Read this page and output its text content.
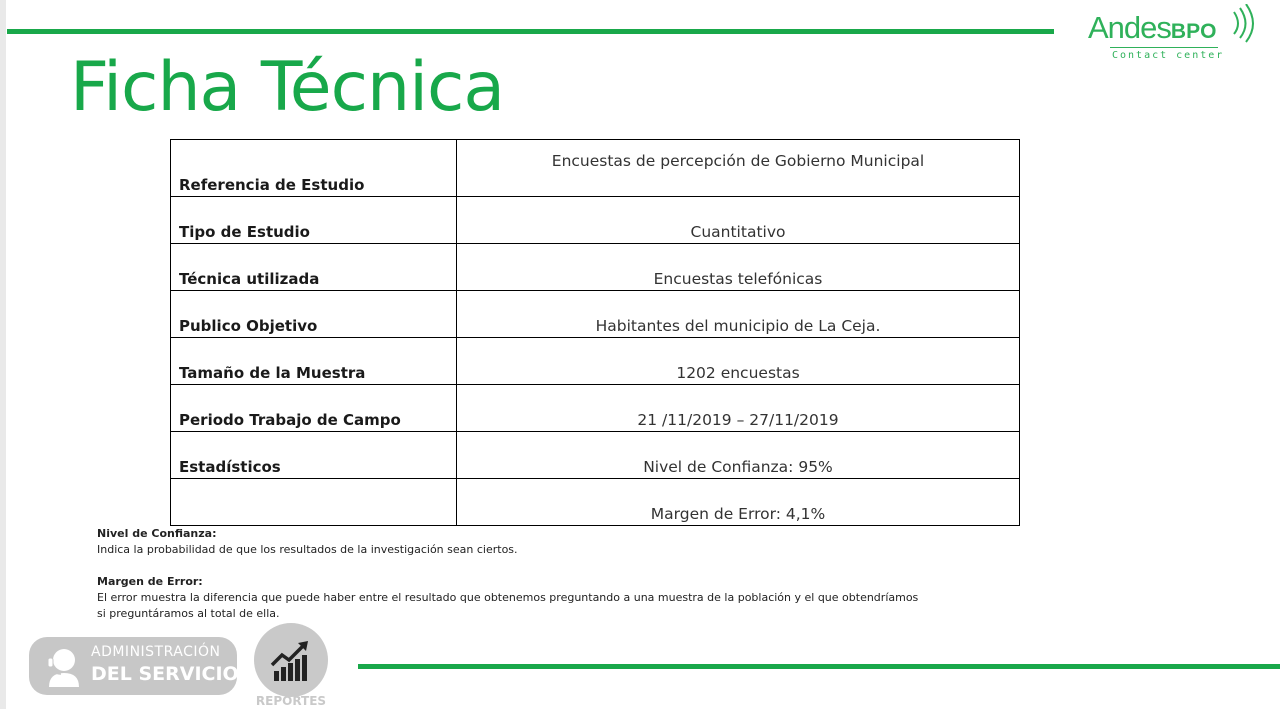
AndesBPO
Contact center
Ficha Técnica
Referencia de Estudio	Encuestas de percepción de Gobierno Municipal
Tipo de Estudio	Cuantitativo
Técnica utilizada	Encuestas telefónicas
Publico Objetivo	Habitantes del municipio de La Ceja.
Tamaño de la Muestra	1202 encuestas
Periodo Trabajo de Campo	21 /11/2019 – 27/11/2019
Estadísticos	Nivel de Confianza: 95%
	Margen de Error: 4,1%
Nivel de Confianza:
Indica la probabilidad de que los resultados de la investigación sean ciertos.
Margen de Error:
El error muestra la diferencia que puede haber entre el resultado que obtenemos preguntando a una muestra de la población y el que obtendríamos
si preguntáramos al total de ella.
ADMINISTRACIÓN
DEL SERVICIO
REPORTES
